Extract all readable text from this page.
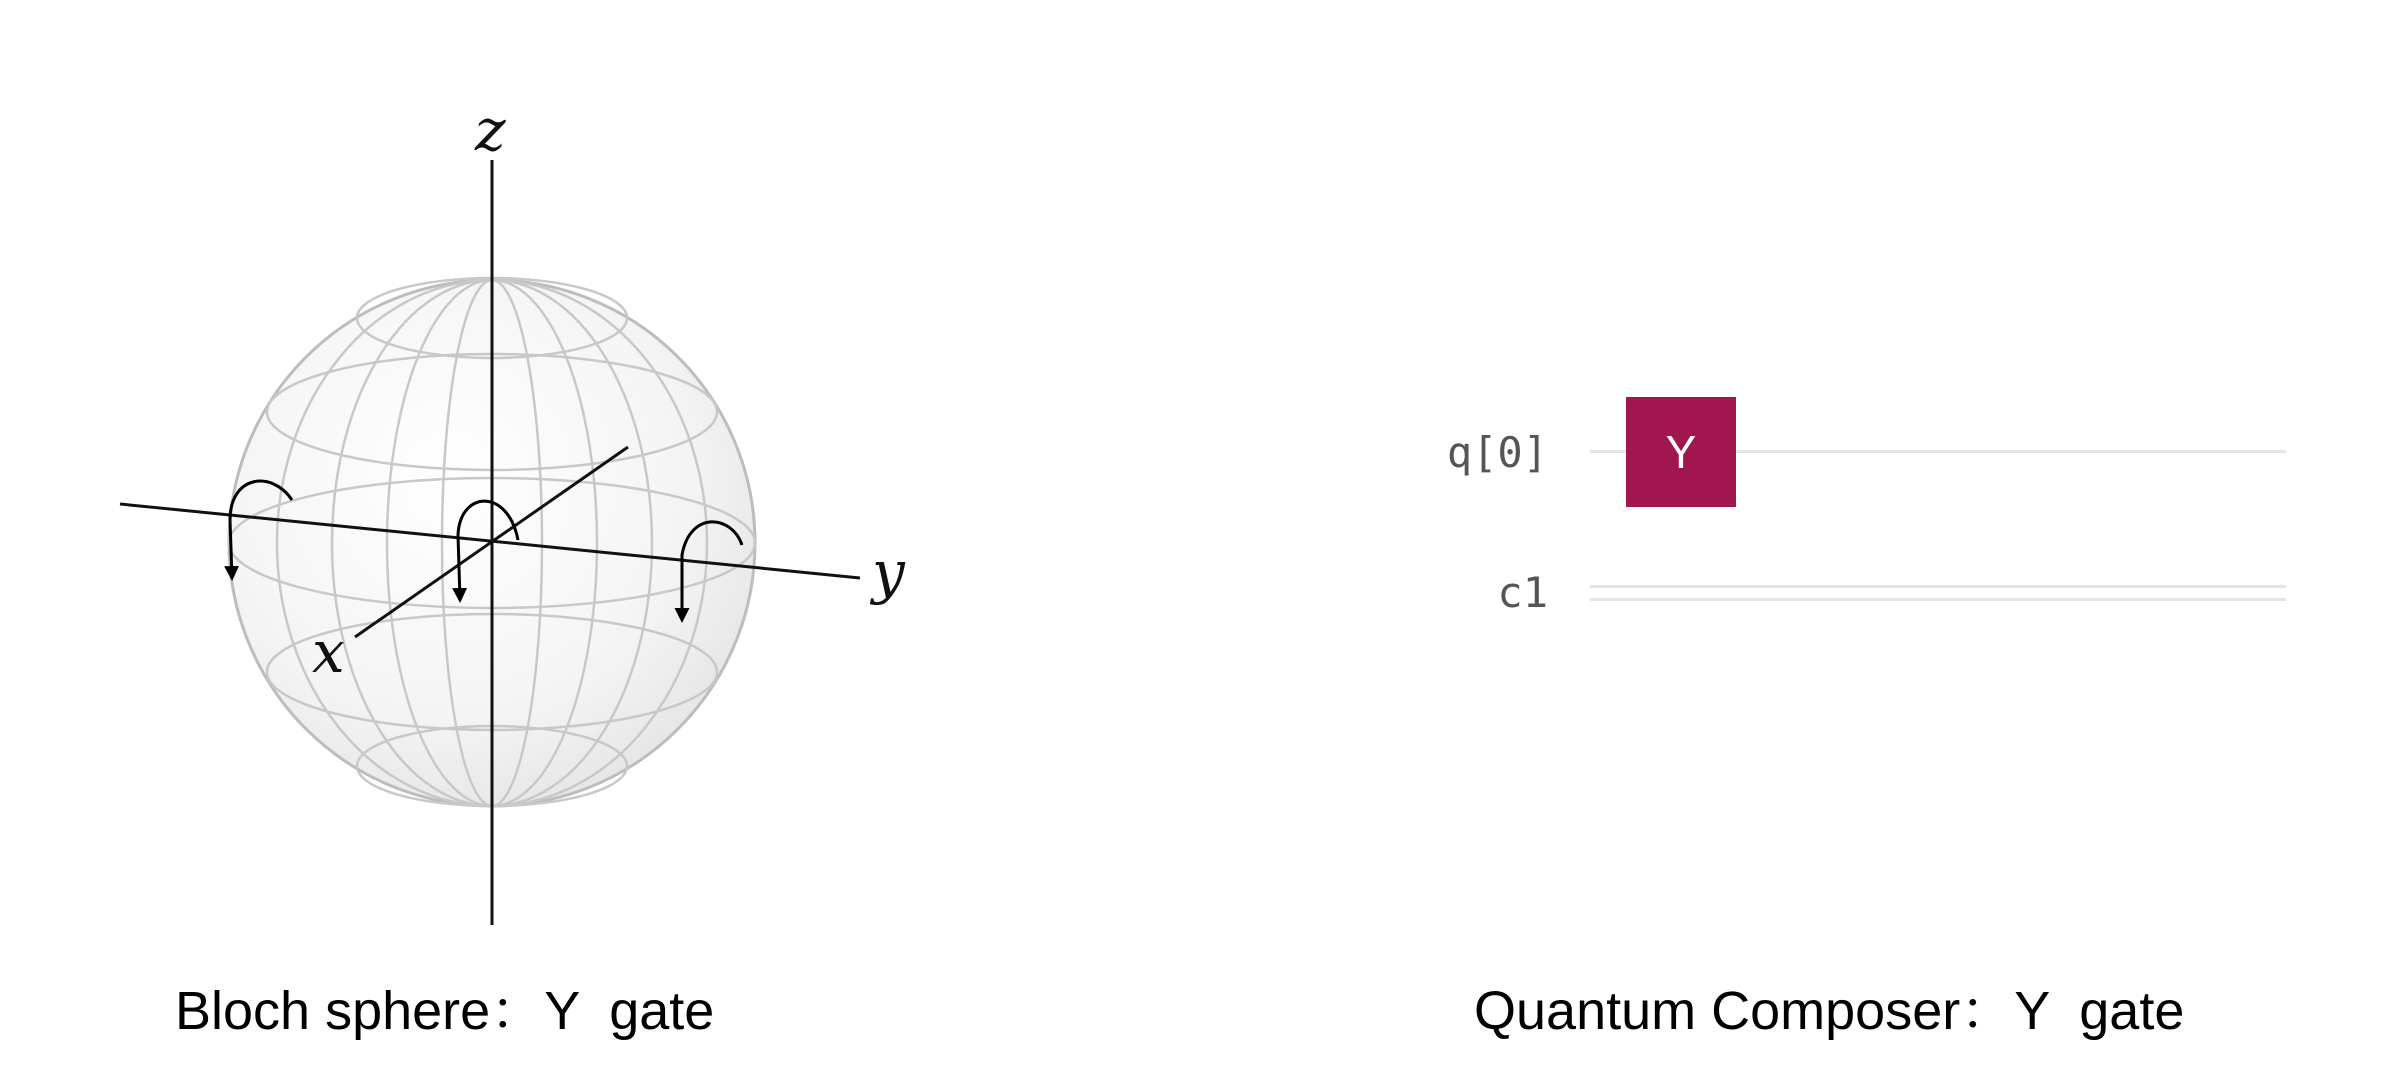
z
y
x
q[0]
c1
Y
Bloch sphere：Y  gate	Quantum Composer：Y  gate
